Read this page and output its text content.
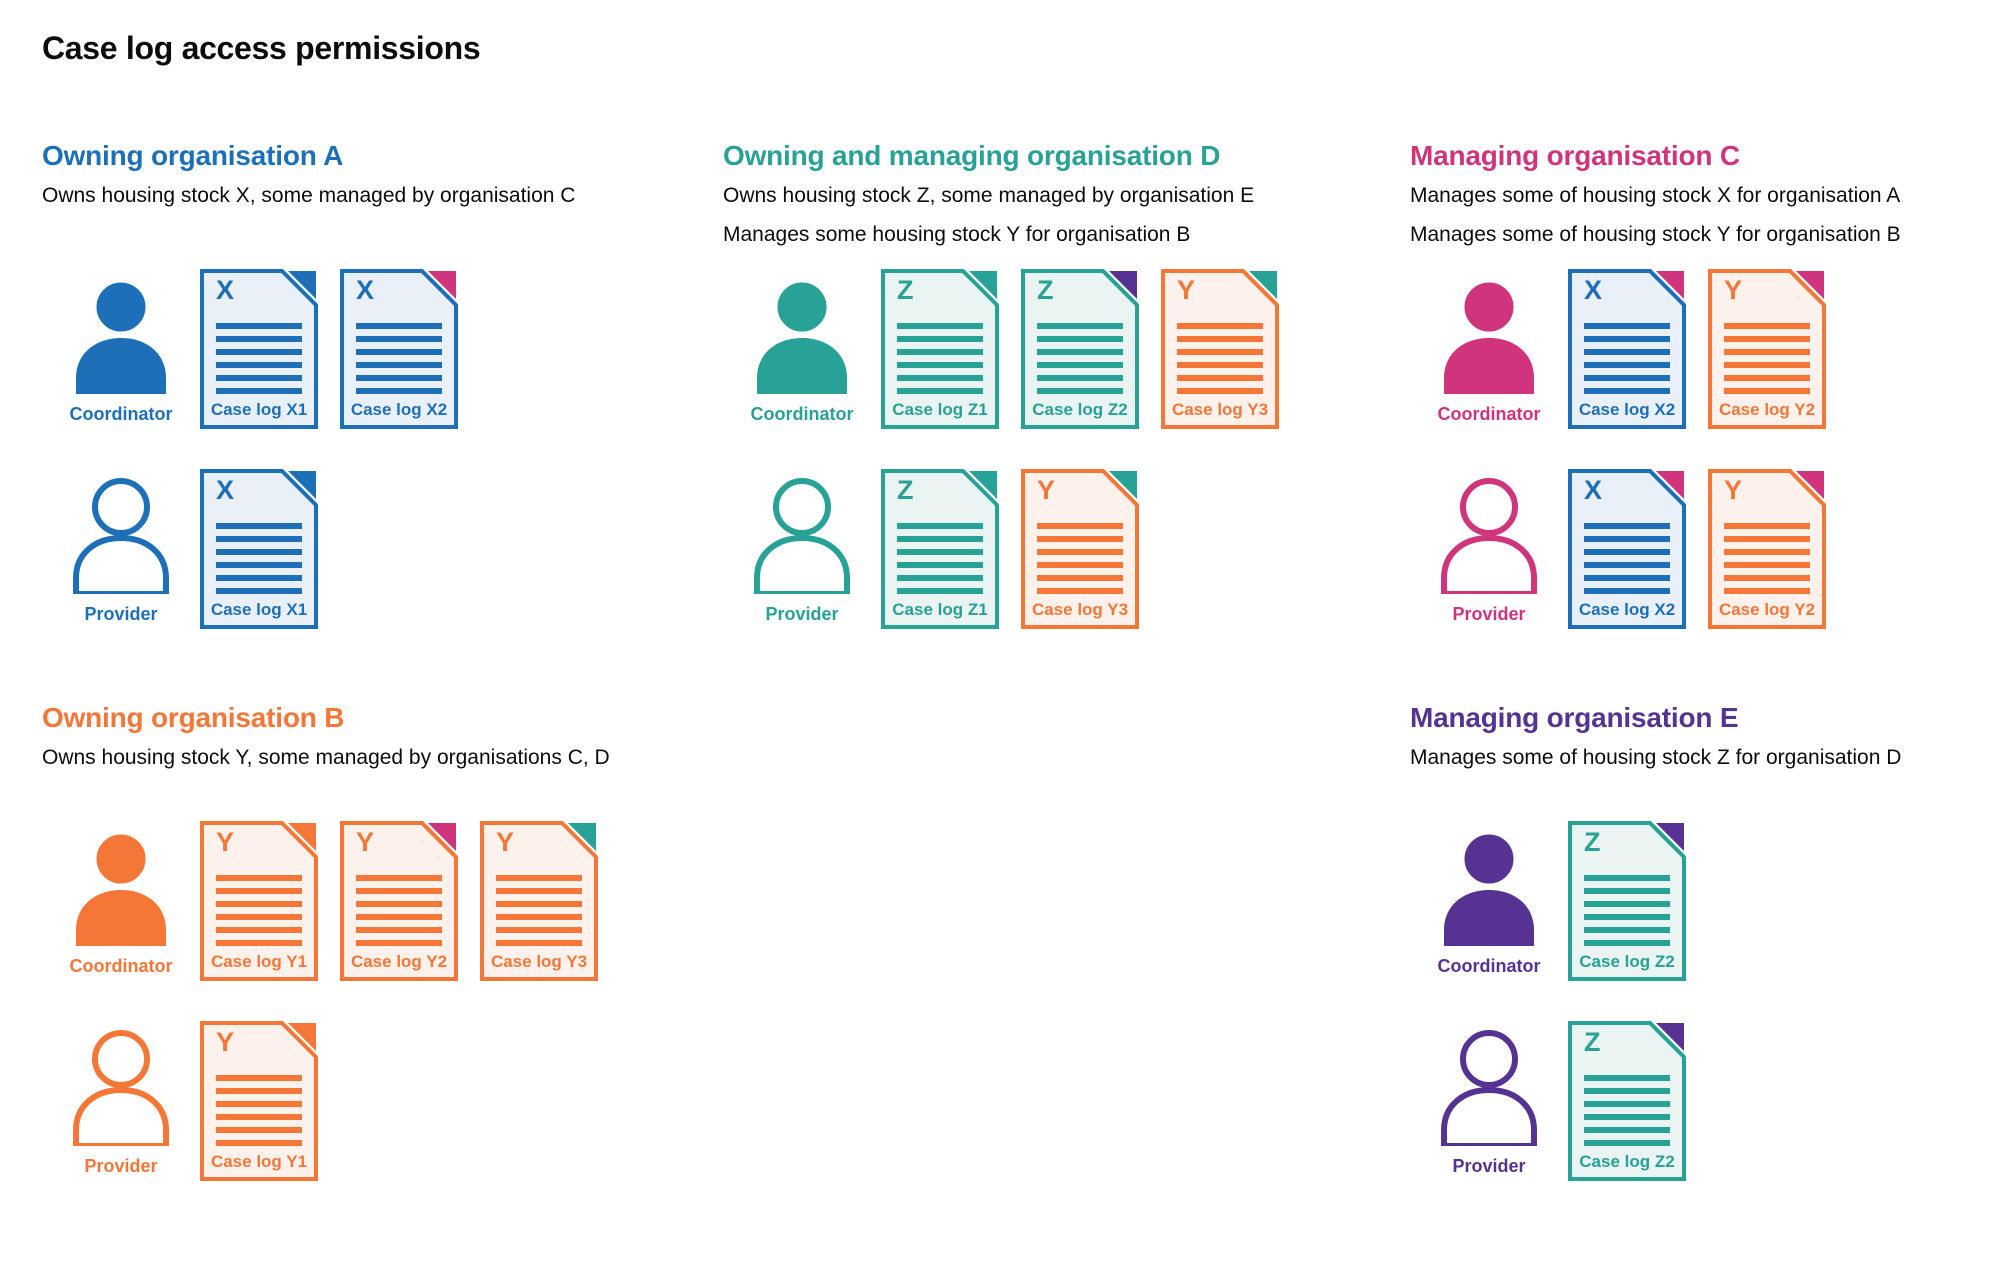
Case log access permissions
Owning organisation A

Owns housing stock X, some managed by organisation C

Coordinator
X
Case log X1
X
Case log X2
Provider
X
Case log X1
Owning and managing organisation D

Owns housing stock Z, some managed by organisation E

Manages some housing stock Y for organisation B

Coordinator
Z
Case log Z1
Z
Case log Z2
Y
Case log Y3
Provider
Z
Case log Z1
Y
Case log Y3
Managing organisation C

Manages some of housing stock X for organisation A

Manages some of housing stock Y for organisation B

Coordinator
X
Case log X2
Y
Case log Y2
Provider
X
Case log X2
Y
Case log Y2
Owning organisation B

Owns housing stock Y, some managed by organisations C, D

Coordinator
Y
Case log Y1
Y
Case log Y2
Y
Case log Y3
Provider
Y
Case log Y1
Managing organisation E

Manages some of housing stock Z for organisation D

Coordinator
Z
Case log Z2
Provider
Z
Case log Z2
